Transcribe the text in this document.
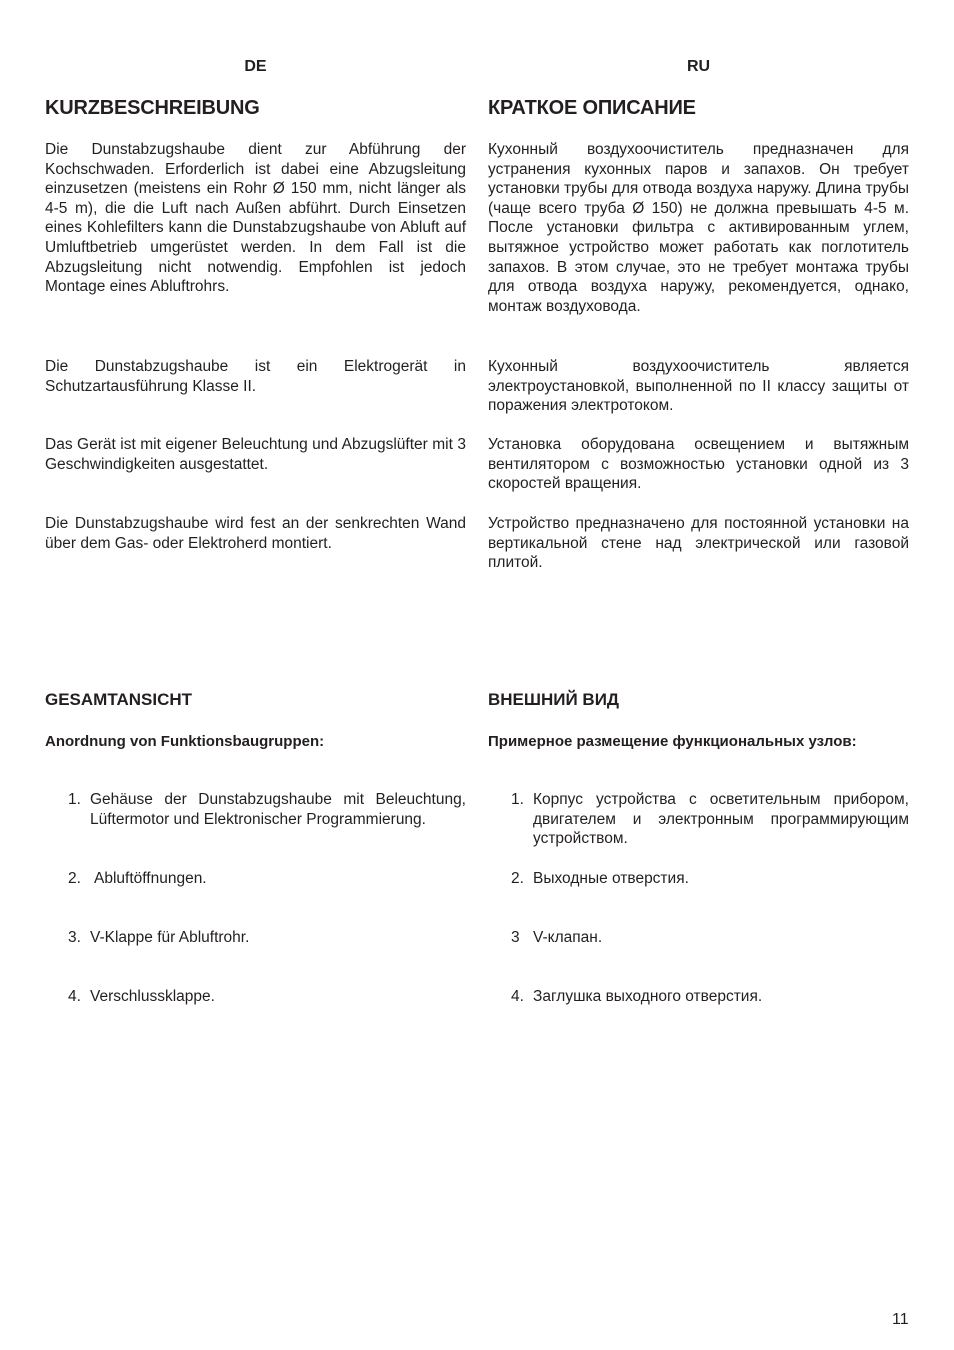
DE
KURZBESCHREIBUNG

Die Dunstabzugshaube dient zur Abführung der Kochschwaden. Erforderlich ist dabei eine Abzugsleitung einzusetzen (meistens ein Rohr Ø 150 mm, nicht länger als 4-5 m), die die Luft nach Außen abführt. Durch Einsetzen eines Kohlefilters kann die Dunstabzugshaube von Abluft auf Umluftbetrieb umgerüstet werden. In dem Fall ist die Abzugsleitung nicht notwendig. Empfohlen ist jedoch Montage eines Abluftrohrs.

Die Dunstabzugshaube ist ein Elektrogerät in Schutzartausführung Klasse II.

Das Gerät ist mit eigener Beleuchtung und Abzugslüfter mit 3 Geschwindigkeiten ausgestattet.

Die Dunstabzugshaube wird fest an der senkrechten Wand über dem Gas- oder Elektroherd montiert.

GESAMTANSICHT
Anordnung von Funktionsbaugruppen:
1. Gehäuse der Dunstabzugshaube mit Beleuchtung, Lüftermotor und Elektronischer Programmierung.
2. Abluftöffnungen.
3. V-Klappe für Abluftrohr.
4. Verschlussklappe.
RU
КРАТКОЕ ОПИСАНИЕ

Кухонный воздухоочиститель предназначен для устранения кухонных паров и запахов. Он требует установки трубы для отвода воздуха наружу. Длина трубы (чаще всего труба Ø 150) не должна превышать 4-5 м. После установки фильтра с активированным углем, вытяжное устройство может работать как поглотитель запахов. В этом случае, это не требует монтажа трубы для отвода воздуха наружу, рекомендуется, однако, монтаж воздуховода.

Кухонный воздухоочиститель является электроустановкой, выполненной по II классу защиты от поражения электротоком.

Установка оборудована освещением и вытяжным вентилятором с возможностью установки одной из 3 скоростей вращения.

Устройство предназначено для постоянной установки на вертикальной стене над электрической или газовой плитой.

ВНЕШНИЙ ВИД
Примерное размещение функциональных узлов:
1. Корпус устройства с осветительным прибором, двигателем и электронным программирующим устройством.
2. Выходные отверстия.
3 V-клапан.
4. Заглушка выходного отверстия.
11
